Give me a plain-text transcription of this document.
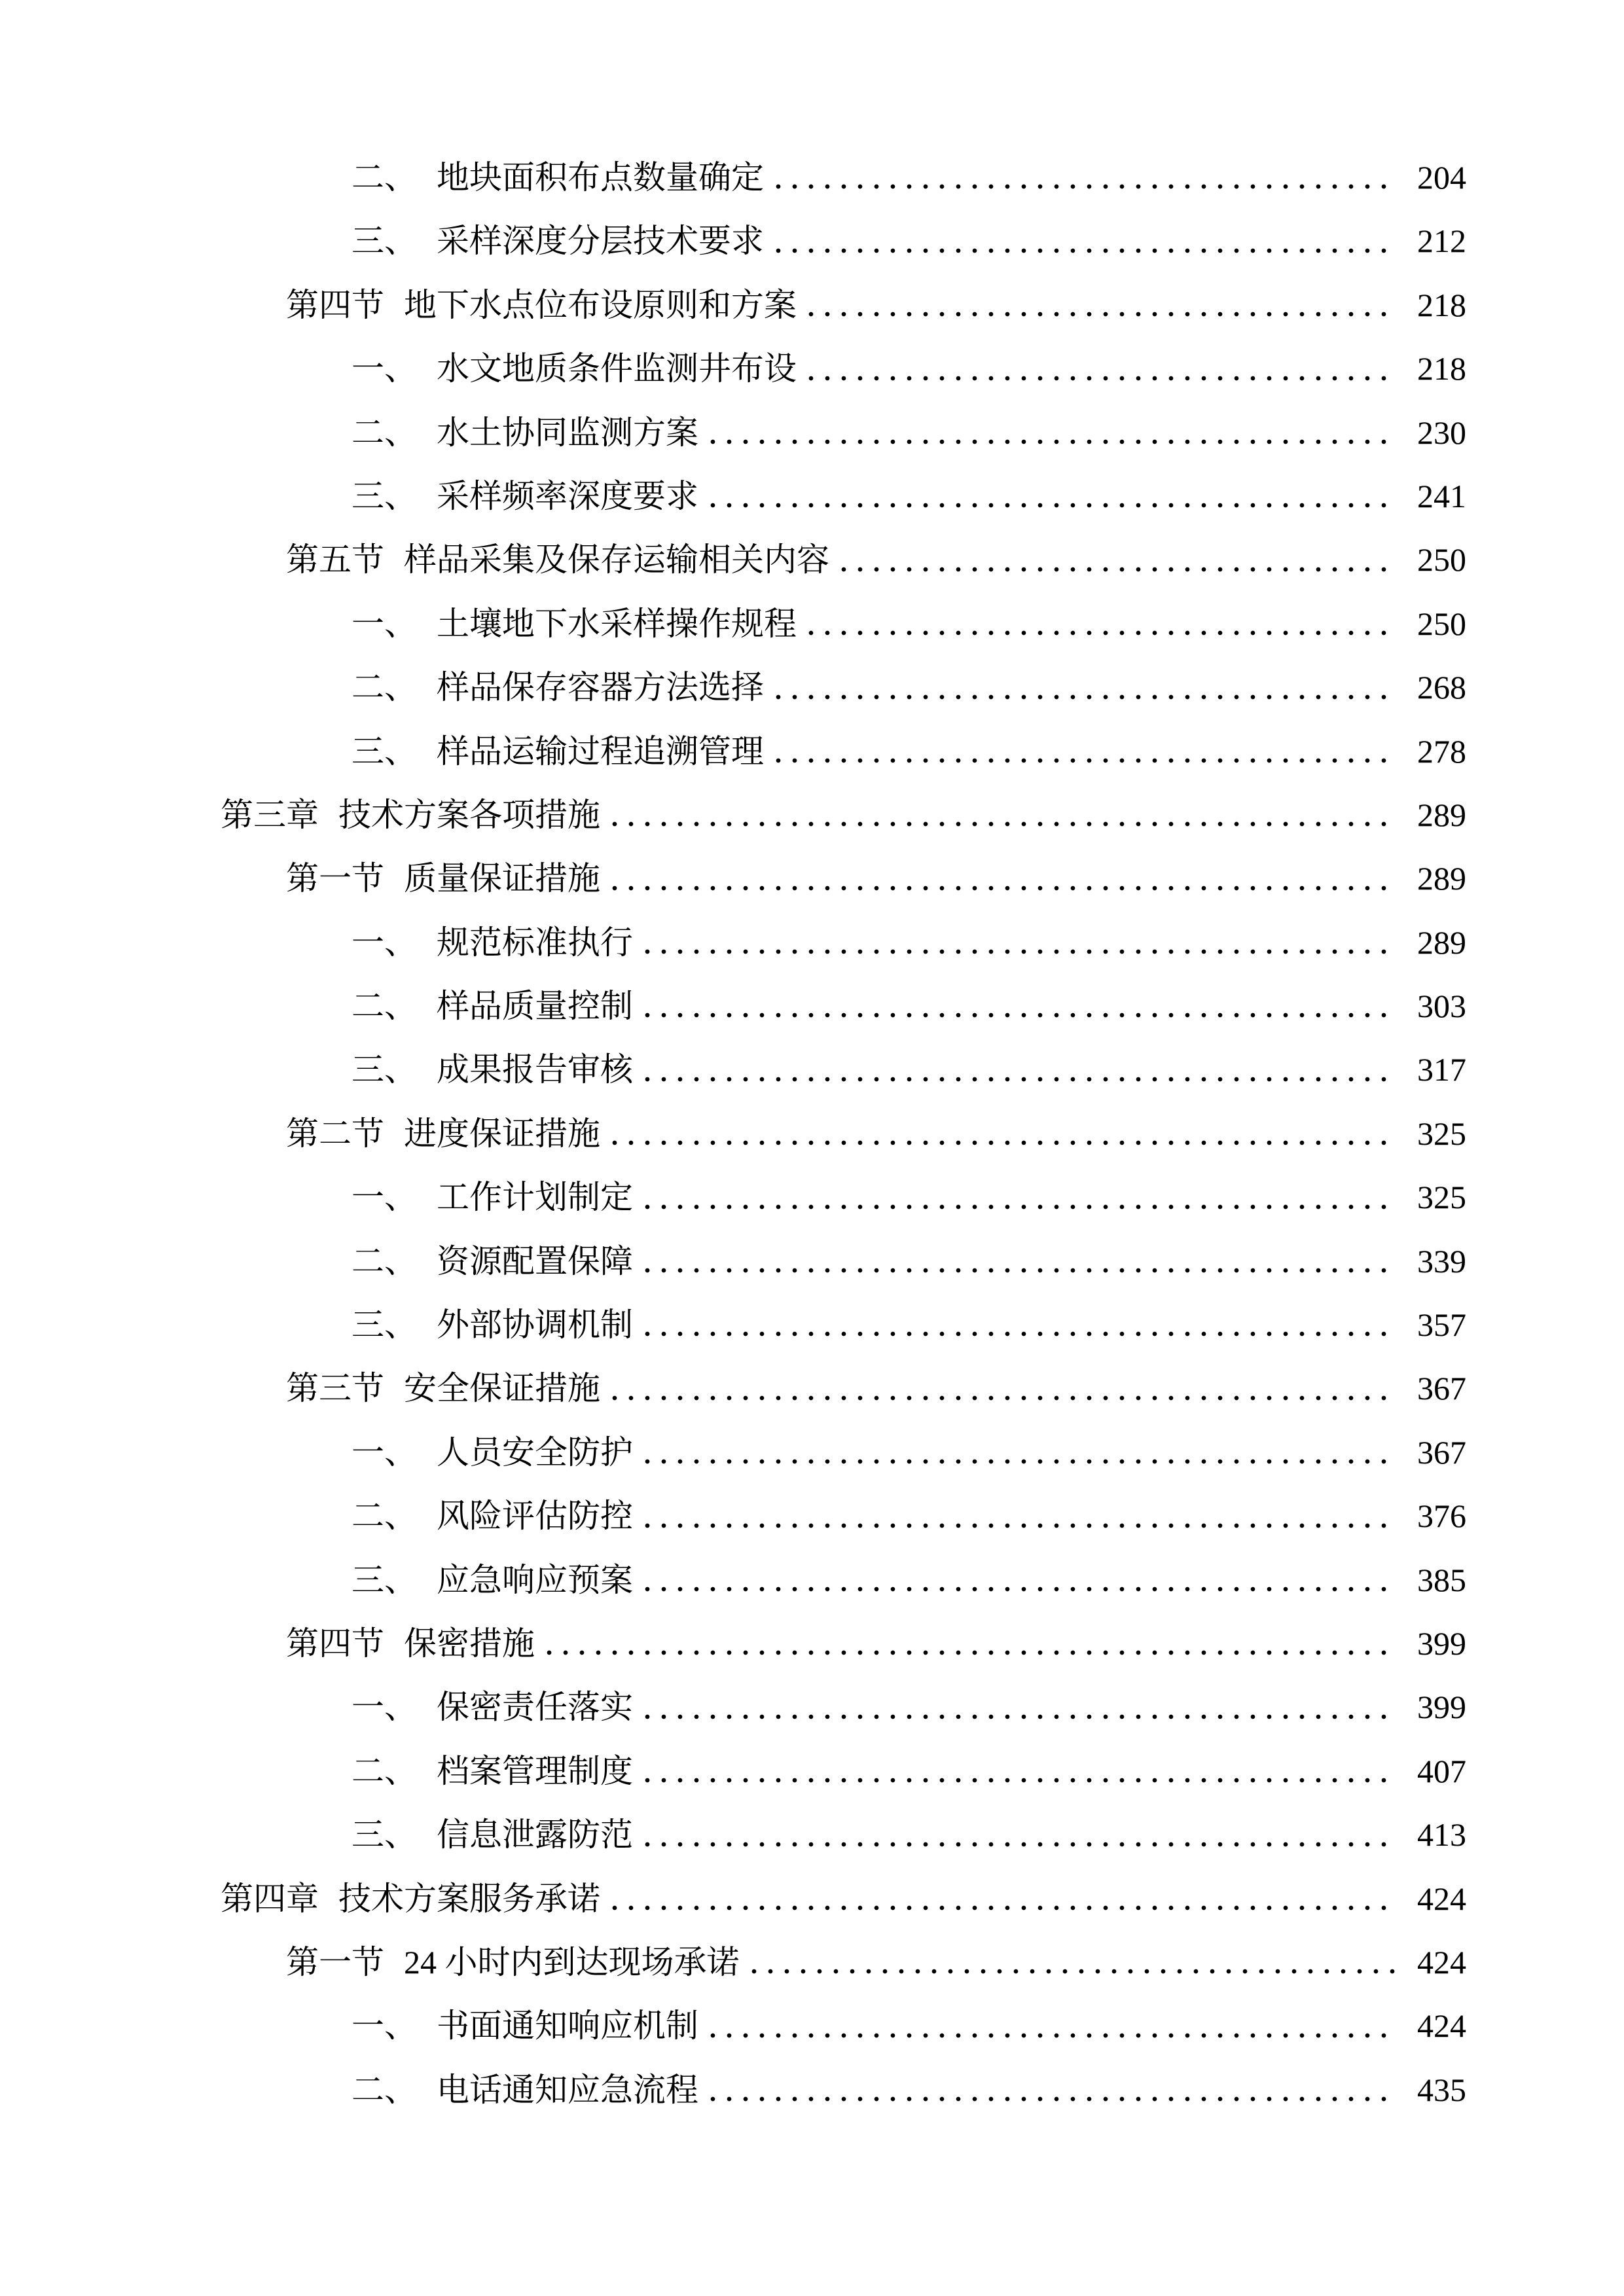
二、 地块面积布点数量确定	204
三、 采样深度分层技术要求	212
第四节 地下水点位布设原则和方案	218
一、 水文地质条件监测井布设	218
二、 水土协同监测方案	230
三、 采样频率深度要求	241
第五节 样品采集及保存运输相关内容	250
一、 土壤地下水采样操作规程	250
二、 样品保存容器方法选择	268
三、 样品运输过程追溯管理	278
第三章 技术方案各项措施	289
第一节 质量保证措施	289
一、 规范标准执行	289
二、 样品质量控制	303
三、 成果报告审核	317
第二节 进度保证措施	325
一、 工作计划制定	325
二、 资源配置保障	339
三、 外部协调机制	357
第三节 安全保证措施	367
一、 人员安全防护	367
二、 风险评估防控	376
三、 应急响应预案	385
第四节 保密措施	399
一、 保密责任落实	399
二、 档案管理制度	407
三、 信息泄露防范	413
第四章 技术方案服务承诺	424
第一节 24 小时内到达现场承诺	424
一、 书面通知响应机制	424
二、 电话通知应急流程	435
